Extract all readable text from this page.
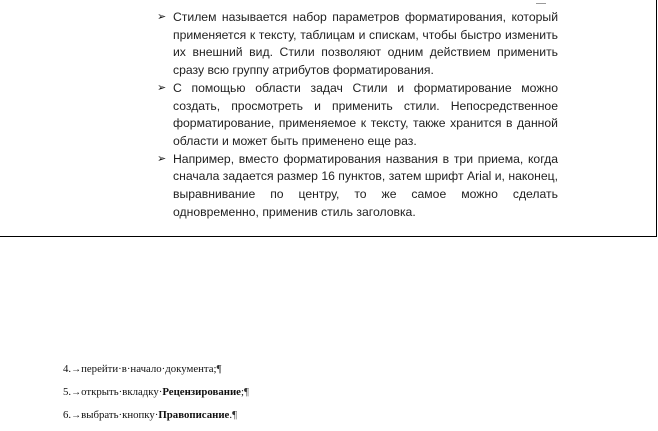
➢ Стилем называется набор параметров форматирования, который применяется к тексту, таблицам и спискам, чтобы быстро изменить их внешний вид. Стили позволяют одним действием применить сразу всю группу атрибутов форматирования.
➢ С помощью области задач Стили и форматирование можно создать, просмотреть и применить стили. Непосредственное форматирование, применяемое к тексту, также хранится в данной области и может быть применено еще раз.
➢ Например, вместо форматирования названия в три приема, когда сначала задается размер 16 пунктов, затем шрифт Arial и, наконец, выравнивание по центру, то же самое можно сделать одновременно, применив стиль заголовка.
4.→перейти·в·начало·документа;¶
5.→открыть·вкладку·Рецензирование;¶
6.→выбрать·кнопку·Правописание.¶
